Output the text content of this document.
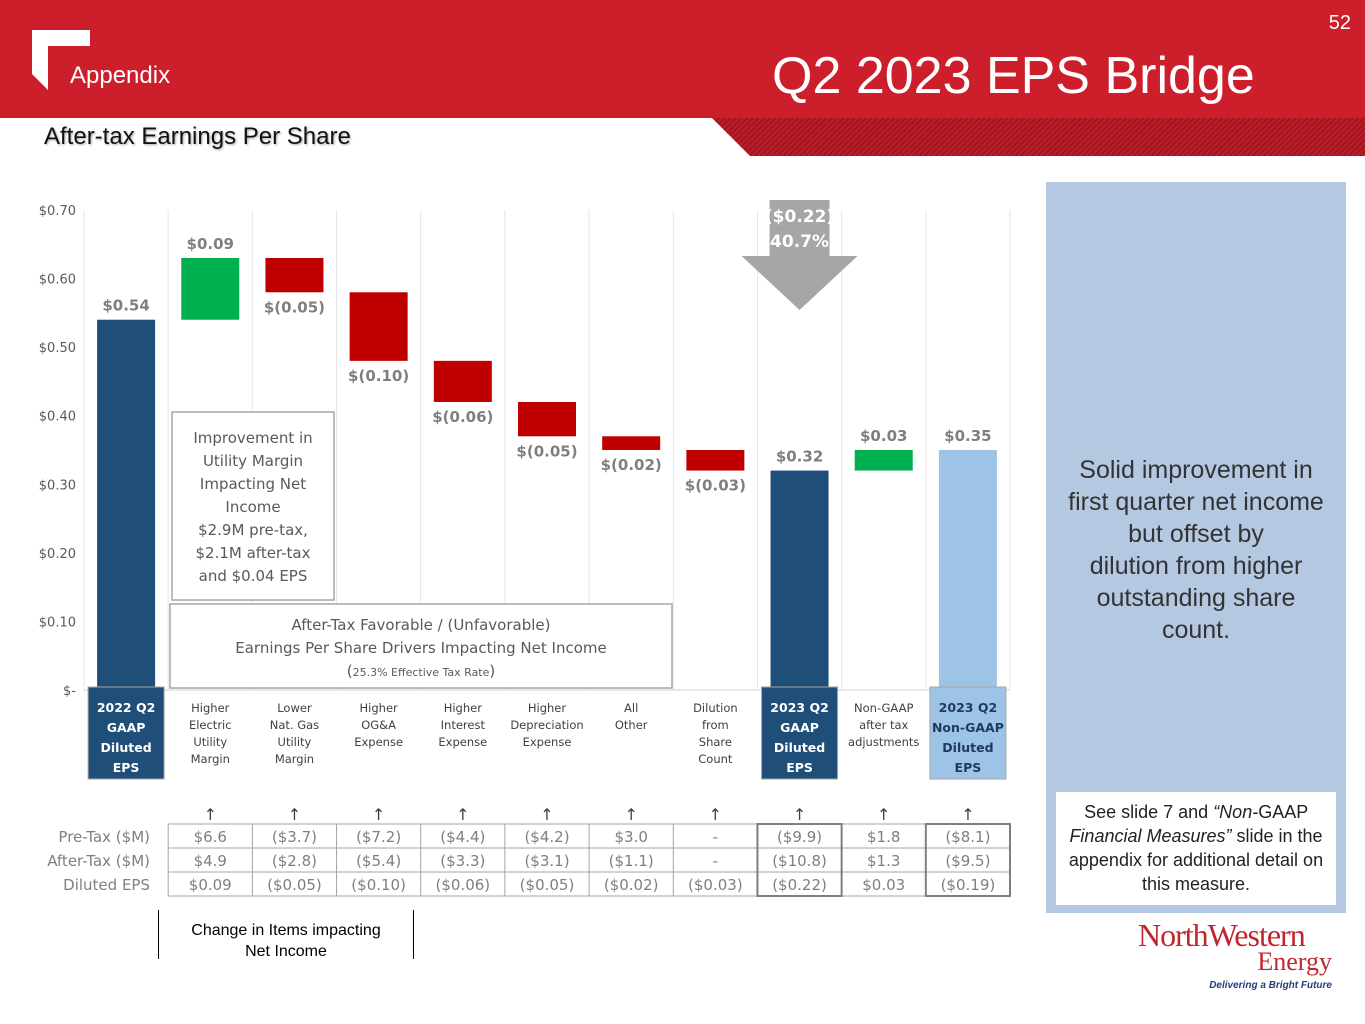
52
Appendix	Q2 2023 EPS Bridge
After-tax Earnings Per Share
$-
$0.10
$0.20
$0.30
$0.40
$0.50
$0.60
$0.70
$0.54
$0.09
$(0.05)
$(0.10)
$(0.06)
$(0.05)
$(0.02)
$(0.03)
$0.32
$0.03 $0.35
2022 Q2
GAAP
Diluted
EPS
Higher
Electric
Utility
Margin
Lower
Nat. Gas
Utility
Margin
Higher
OG&A
Expense
Higher
Interest
Expense
Higher
Depreciation
Expense
All
Other
Dilution
from
Share
Count
2023 Q2
GAAP
Diluted
EPS
Non-GAAP
after tax
adjustments
2023 Q2
Non-GAAP
Diluted
EPS
($0.22)
(40.7%)
Improvement in
Utility Margin
Impacting Net
Income
$2.9M pre-tax,
$2.1M after-tax
and $0.04 EPS
After-Tax Favorable / (Unfavorable)
Earnings Per Share Drivers Impacting Net Income
(25.3% Effective Tax Rate)
↑	↑	↑	↑	↑	↑	↑	↑	↑	↑
Pre-Tax ($M)
After-Tax ($M)
Diluted EPS
$6.6	($3.7)	($7.2)	($4.4)	($4.2)	$3.0	-	($9.9)	$1.8	($8.1)
$4.9	($2.8)	($5.4)	($3.3)	($3.1)	($1.1)	-	($10.8)	$1.3	($9.5)
$0.09 ($0.05) ($0.10) ($0.06) ($0.05) ($0.02) ($0.03) ($0.22) $0.03 ($0.19)
Solid improvement in
first quarter net income
but offset by
dilution from higher
outstanding share
count.
See slide 7 and “Non-GAAP Financial Measures” slide in the appendix for additional detail on this measure.
Change in Items impacting
Net Income	NorthWestern
Energy
Delivering a Bright Future
